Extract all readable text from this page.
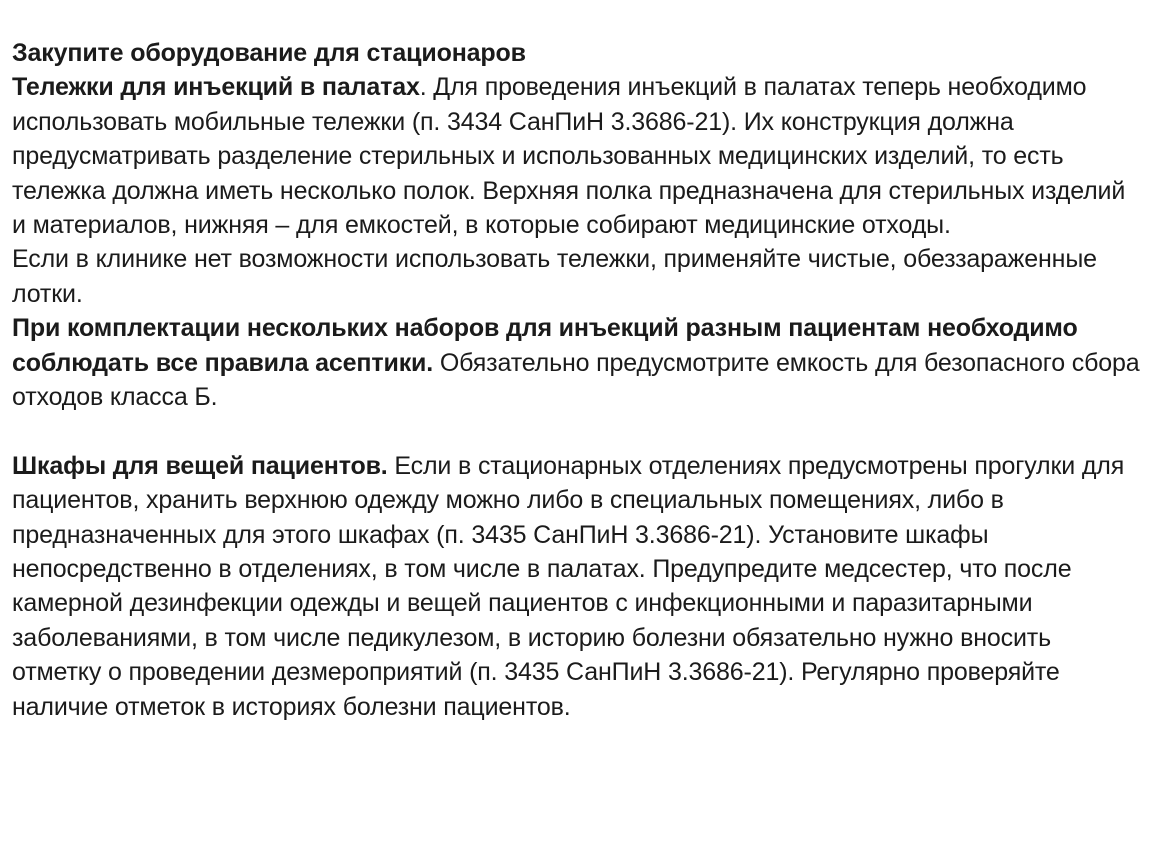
Закупите оборудование для стационаров

Тележки для инъекций в палатах. Для проведения инъекций в палатах теперь необходимо использовать мобильные тележки (п. 3434 СанПиН 3.3686-21). Их конструкция должна предусматривать разделение стерильных и использованных медицинских изделий, то есть тележка должна иметь несколько полок. Верхняя полка предназначена для стерильных изделий и материалов, нижняя – для емкостей, в которые собирают медицинские отходы.

Если в клинике нет возможности использовать тележки, применяйте чистые, обеззараженные лотки.

При комплектации нескольких наборов для инъекций разным пациентам необходимо соблюдать все правила асептики. Обязательно предусмотрите емкость для безопасного сбора отходов класса Б.

Шкафы для вещей пациентов. Если в стационарных отделениях предусмотрены прогулки для пациентов, хранить верхнюю одежду можно либо в специальных помещениях, либо в предназначенных для этого шкафах (п. 3435 СанПиН 3.3686-21). Установите шкафы непосредственно в отделениях, в том числе в палатах. Предупредите медсестер, что после камерной дезинфекции одежды и вещей пациентов с инфекционными и паразитарными заболеваниями, в том числе педикулезом, в историю болезни обязательно нужно вносить отметку о проведении дезмероприятий (п. 3435 СанПиН 3.3686-21). Регулярно проверяйте наличие отметок в историях болезни пациентов.
